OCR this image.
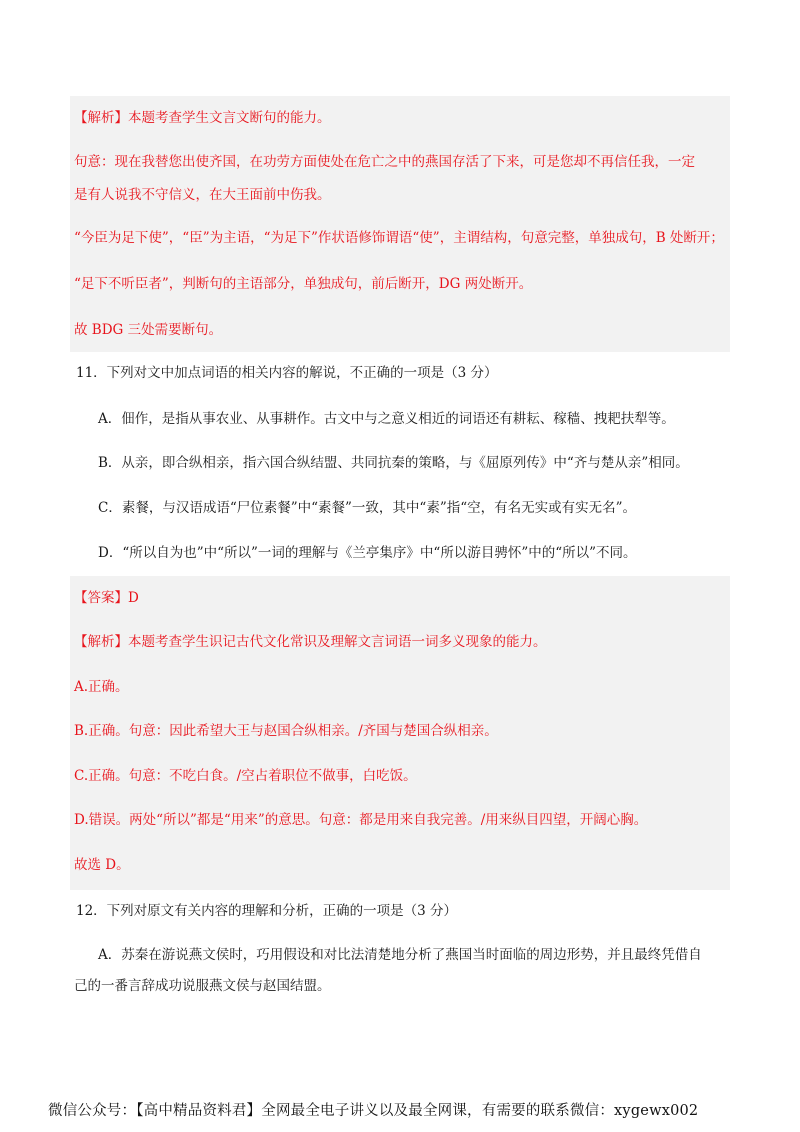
【解析】本题考查学生文言文断句的能力。
句意：现在我替您出使齐国，在功劳方面使处在危亡之中的燕国存活了下来，可是您却不再信任我，一定
是有人说我不守信义，在大王面前中伤我。
“今臣为足下使”，“臣”为主语，“为足下”作状语修饰谓语“使”，主谓结构，句意完整，单独成句，B 处断开；
“足下不听臣者”，判断句的主语部分，单独成句，前后断开，DG 两处断开。
故 BDG 三处需要断句。
11．下列对文中加点词语的相关内容的解说，不正确的一项是（3 分）
A．佃作，是指从事农业、从事耕作。古文中与之意义相近的词语还有耕耘、稼穑、拽耙扶犁等。
B．从亲，即合纵相亲，指六国合纵结盟、共同抗秦的策略，与《屈原列传》中“齐与楚从亲”相同。
C．素餐，与汉语成语“尸位素餐”中“素餐”一致，其中“素”指“空，有名无实或有实无名”。
D．“所以自为也”中“所以”一词的理解与《兰亭集序》中“所以游目骋怀”中的“所以”不同。
【答案】D
【解析】本题考查学生识记古代文化常识及理解文言词语一词多义现象的能力。
A.正确。
B.正确。句意：因此希望大王与赵国合纵相亲。/齐国与楚国合纵相亲。
C.正确。句意：不吃白食。/空占着职位不做事，白吃饭。
D.错误。两处“所以”都是“用来”的意思。句意：都是用来自我完善。/用来纵目四望，开阔心胸。
故选 D。
12．下列对原文有关内容的理解和分析，正确的一项是（3 分）
A．苏秦在游说燕文侯时，巧用假设和对比法清楚地分析了燕国当时面临的周边形势，并且最终凭借自
己的一番言辞成功说服燕文侯与赵国结盟。
微信公众号：【高中精品资料君】全网最全电子讲义以及最全网课，有需要的联系微信：xygewx002
